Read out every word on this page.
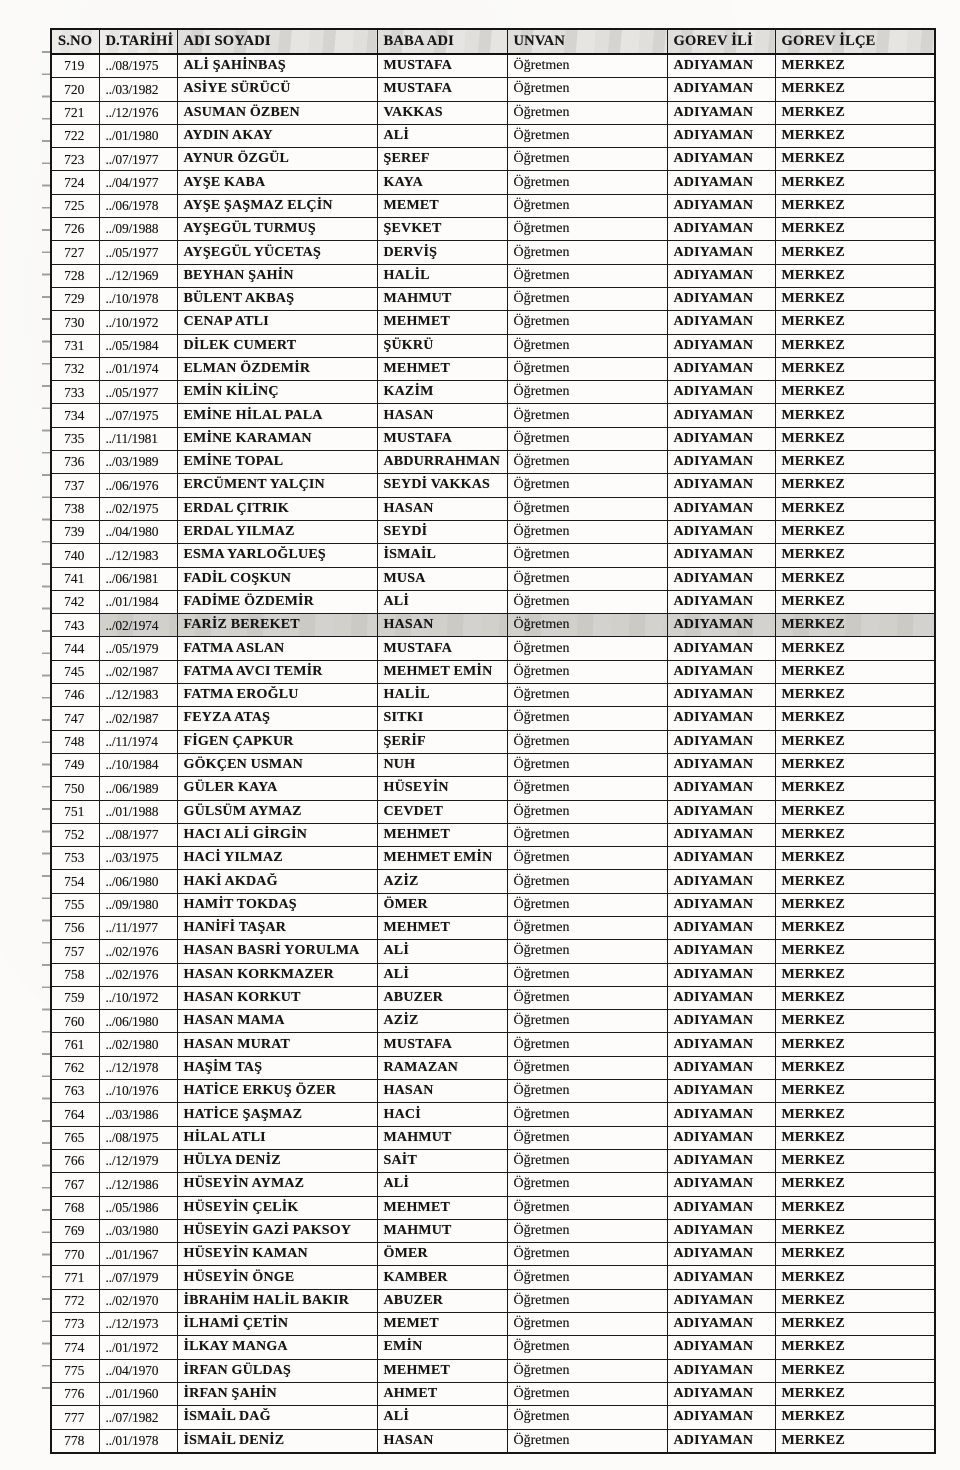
S.NO	D.TARİHİ	ADI SOYADI	BABA ADI	UNVAN	GOREV İLİ	GOREV İLÇE
719	../08/1975	ALİ ŞAHİNBAŞ	MUSTAFA	Öğretmen	ADIYAMAN	MERKEZ
720	../03/1982	ASİYE SÜRÜCÜ	MUSTAFA	Öğretmen	ADIYAMAN	MERKEZ
721	../12/1976	ASUMAN ÖZBEN	VAKKAS	Öğretmen	ADIYAMAN	MERKEZ
722	../01/1980	AYDIN AKAY	ALİ	Öğretmen	ADIYAMAN	MERKEZ
723	../07/1977	AYNUR ÖZGÜL	ŞEREF	Öğretmen	ADIYAMAN	MERKEZ
724	../04/1977	AYŞE KABA	KAYA	Öğretmen	ADIYAMAN	MERKEZ
725	../06/1978	AYŞE ŞAŞMAZ ELÇİN	MEMET	Öğretmen	ADIYAMAN	MERKEZ
726	../09/1988	AYŞEGÜL TURMUŞ	ŞEVKET	Öğretmen	ADIYAMAN	MERKEZ
727	../05/1977	AYŞEGÜL YÜCETAŞ	DERVİŞ	Öğretmen	ADIYAMAN	MERKEZ
728	../12/1969	BEYHAN ŞAHİN	HALİL	Öğretmen	ADIYAMAN	MERKEZ
729	../10/1978	BÜLENT AKBAŞ	MAHMUT	Öğretmen	ADIYAMAN	MERKEZ
730	../10/1972	CENAP ATLI	MEHMET	Öğretmen	ADIYAMAN	MERKEZ
731	../05/1984	DİLEK CUMERT	ŞÜKRÜ	Öğretmen	ADIYAMAN	MERKEZ
732	../01/1974	ELMAN ÖZDEMİR	MEHMET	Öğretmen	ADIYAMAN	MERKEZ
733	../05/1977	EMİN KİLİNÇ	KAZİM	Öğretmen	ADIYAMAN	MERKEZ
734	../07/1975	EMİNE HİLAL PALA	HASAN	Öğretmen	ADIYAMAN	MERKEZ
735	../11/1981	EMİNE KARAMAN	MUSTAFA	Öğretmen	ADIYAMAN	MERKEZ
736	../03/1989	EMİNE TOPAL	ABDURRAHMAN	Öğretmen	ADIYAMAN	MERKEZ
737	../06/1976	ERCÜMENT YALÇIN	SEYDİ VAKKAS	Öğretmen	ADIYAMAN	MERKEZ
738	../02/1975	ERDAL ÇITRIK	HASAN	Öğretmen	ADIYAMAN	MERKEZ
739	../04/1980	ERDAL YILMAZ	SEYDİ	Öğretmen	ADIYAMAN	MERKEZ
740	../12/1983	ESMA YARLOĞLUEŞ	İSMAİL	Öğretmen	ADIYAMAN	MERKEZ
741	../06/1981	FADİL COŞKUN	MUSA	Öğretmen	ADIYAMAN	MERKEZ
742	../01/1984	FADİME ÖZDEMİR	ALİ	Öğretmen	ADIYAMAN	MERKEZ
743	../02/1974	FARİZ BEREKET	HASAN	Öğretmen	ADIYAMAN	MERKEZ
744	../05/1979	FATMA ASLAN	MUSTAFA	Öğretmen	ADIYAMAN	MERKEZ
745	../02/1987	FATMA AVCI TEMİR	MEHMET EMİN	Öğretmen	ADIYAMAN	MERKEZ
746	../12/1983	FATMA EROĞLU	HALİL	Öğretmen	ADIYAMAN	MERKEZ
747	../02/1987	FEYZA ATAŞ	SITKI	Öğretmen	ADIYAMAN	MERKEZ
748	../11/1974	FİGEN ÇAPKUR	ŞERİF	Öğretmen	ADIYAMAN	MERKEZ
749	../10/1984	GÖKÇEN USMAN	NUH	Öğretmen	ADIYAMAN	MERKEZ
750	../06/1989	GÜLER KAYA	HÜSEYİN	Öğretmen	ADIYAMAN	MERKEZ
751	../01/1988	GÜLSÜM AYMAZ	CEVDET	Öğretmen	ADIYAMAN	MERKEZ
752	../08/1977	HACI ALİ GİRGİN	MEHMET	Öğretmen	ADIYAMAN	MERKEZ
753	../03/1975	HACİ YILMAZ	MEHMET EMİN	Öğretmen	ADIYAMAN	MERKEZ
754	../06/1980	HAKİ AKDAĞ	AZİZ	Öğretmen	ADIYAMAN	MERKEZ
755	../09/1980	HAMİT TOKDAŞ	ÖMER	Öğretmen	ADIYAMAN	MERKEZ
756	../11/1977	HANİFİ TAŞAR	MEHMET	Öğretmen	ADIYAMAN	MERKEZ
757	../02/1976	HASAN BASRİ YORULMA	ALİ	Öğretmen	ADIYAMAN	MERKEZ
758	../02/1976	HASAN KORKMAZER	ALİ	Öğretmen	ADIYAMAN	MERKEZ
759	../10/1972	HASAN KORKUT	ABUZER	Öğretmen	ADIYAMAN	MERKEZ
760	../06/1980	HASAN MAMA	AZİZ	Öğretmen	ADIYAMAN	MERKEZ
761	../02/1980	HASAN MURAT	MUSTAFA	Öğretmen	ADIYAMAN	MERKEZ
762	../12/1978	HAŞİM TAŞ	RAMAZAN	Öğretmen	ADIYAMAN	MERKEZ
763	../10/1976	HATİCE ERKUŞ ÖZER	HASAN	Öğretmen	ADIYAMAN	MERKEZ
764	../03/1986	HATİCE ŞAŞMAZ	HACİ	Öğretmen	ADIYAMAN	MERKEZ
765	../08/1975	HİLAL ATLI	MAHMUT	Öğretmen	ADIYAMAN	MERKEZ
766	../12/1979	HÜLYA DENİZ	SAİT	Öğretmen	ADIYAMAN	MERKEZ
767	../12/1986	HÜSEYİN AYMAZ	ALİ	Öğretmen	ADIYAMAN	MERKEZ
768	../05/1986	HÜSEYİN ÇELİK	MEHMET	Öğretmen	ADIYAMAN	MERKEZ
769	../03/1980	HÜSEYİN GAZİ PAKSOY	MAHMUT	Öğretmen	ADIYAMAN	MERKEZ
770	../01/1967	HÜSEYİN KAMAN	ÖMER	Öğretmen	ADIYAMAN	MERKEZ
771	../07/1979	HÜSEYİN ÖNGE	KAMBER	Öğretmen	ADIYAMAN	MERKEZ
772	../02/1970	İBRAHİM HALİL BAKIR	ABUZER	Öğretmen	ADIYAMAN	MERKEZ
773	../12/1973	İLHAMİ ÇETİN	MEMET	Öğretmen	ADIYAMAN	MERKEZ
774	../01/1972	İLKAY MANGA	EMİN	Öğretmen	ADIYAMAN	MERKEZ
775	../04/1970	İRFAN GÜLDAŞ	MEHMET	Öğretmen	ADIYAMAN	MERKEZ
776	../01/1960	İRFAN ŞAHİN	AHMET	Öğretmen	ADIYAMAN	MERKEZ
777	../07/1982	İSMAİL DAĞ	ALİ	Öğretmen	ADIYAMAN	MERKEZ
778	../01/1978	İSMAİL DENİZ	HASAN	Öğretmen	ADIYAMAN	MERKEZ
